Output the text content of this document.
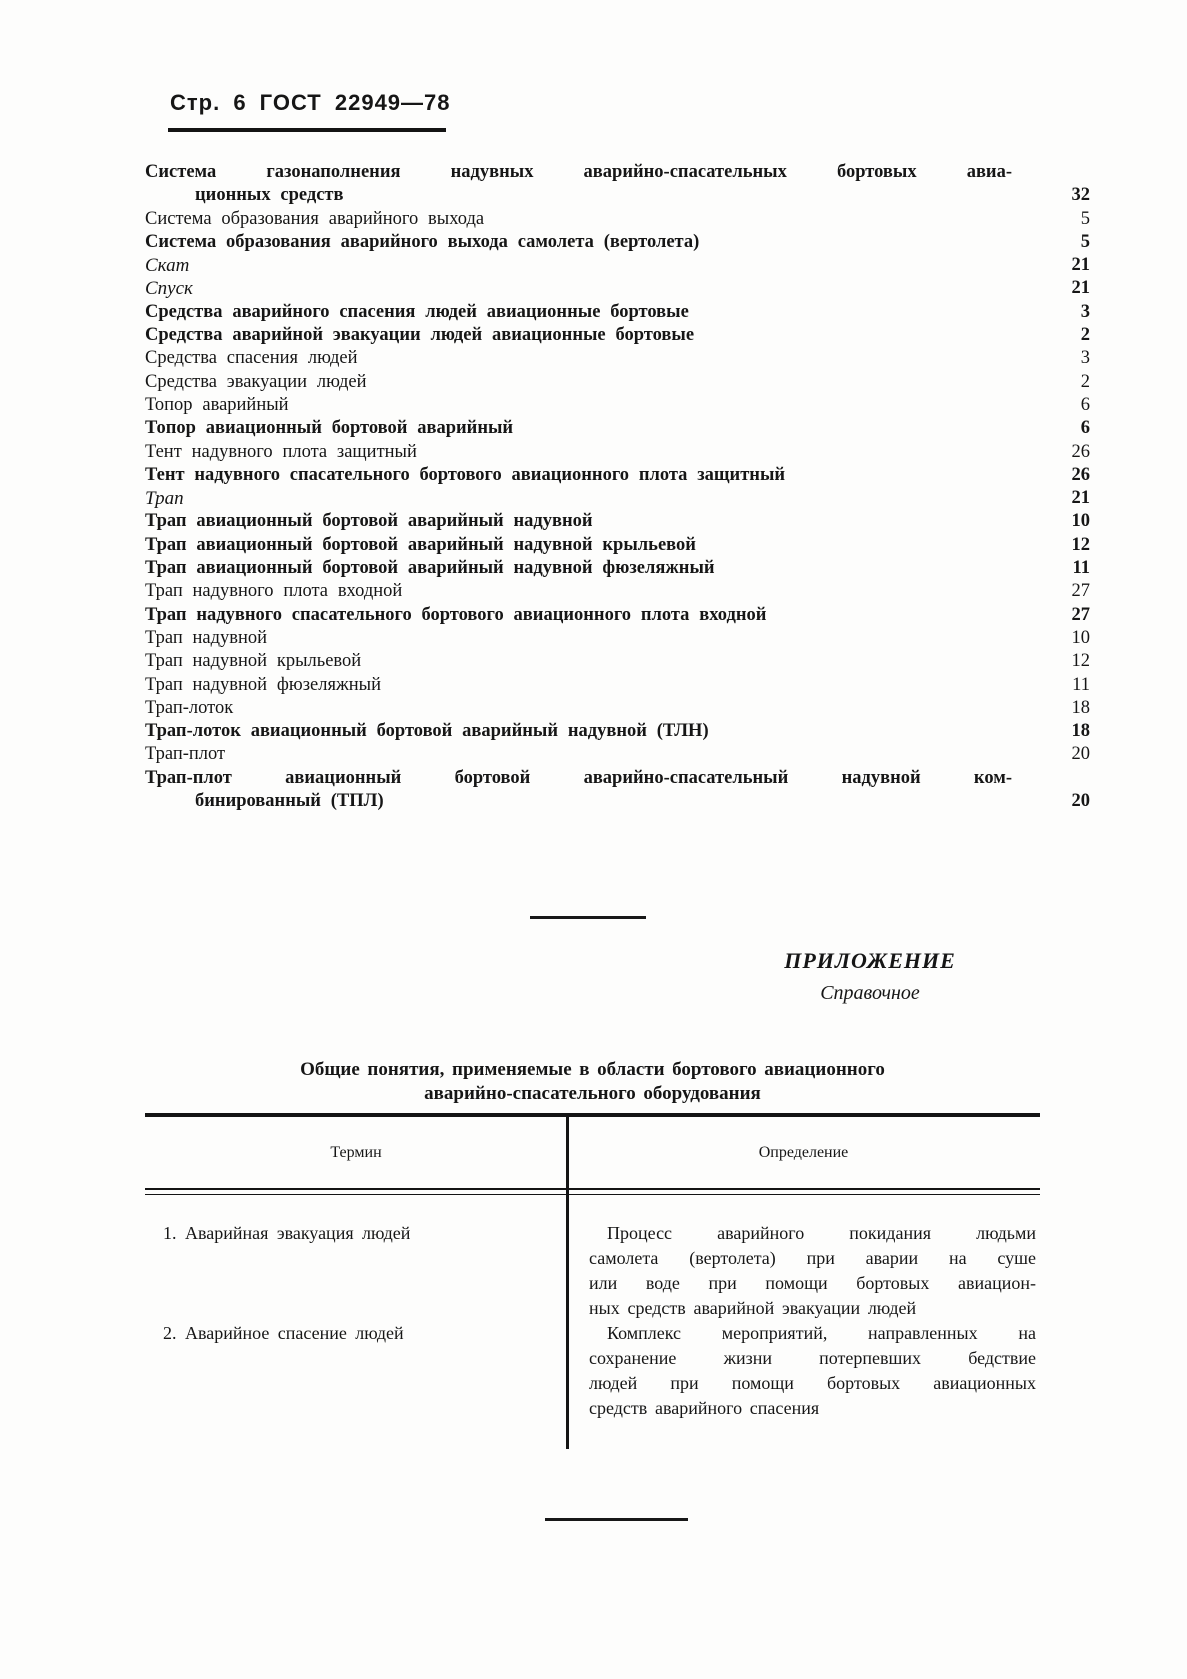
Стр. 6 ГОСТ 22949—78
Система газонаполнения надувных аварийно-спасательных бортовых авиа-
ционных средств	32
Система образования аварийного выхода	5
Система образования аварийного выхода самолета (вертолета)	5
Скат	21
Спуск	21
Средства аварийного спасения людей авиационные бортовые	3
Средства аварийной эвакуации людей авиационные бортовые	2
Средства спасения людей	3
Средства эвакуации людей	2
Топор аварийный	6
Топор авиационный бортовой аварийный	6
Тент надувного плота защитный	26
Тент надувного спасательного бортового авиационного плота защитный	26
Трап	21
Трап авиационный бортовой аварийный надувной	10
Трап авиационный бортовой аварийный надувной крыльевой	12
Трап авиационный бортовой аварийный надувной фюзеляжный	11
Трап надувного плота входной	27
Трап надувного спасательного бортового авиационного плота входной	27
Трап надувной	10
Трап надувной крыльевой	12
Трап надувной фюзеляжный	11
Трап-лоток	18
Трап-лоток авиационный бортовой аварийный надувной (ТЛН)	18
Трап-плот	20
Трап-плот авиационный бортовой аварийно-спасательный надувной ком-
бинированный (ТПЛ)	20
ПРИЛОЖЕНИЕ
Справочное
Общие понятия, применяемые в области бортового авиационного
аварийно-спасательного оборудования
Термин	Определение
1. Аварийная эвакуация людей	Процесс аварийного покидания людьми
самолета (вертолета) при аварии на суше
или воде при помощи бортовых авиацион-
ных средств аварийной эвакуации людей
2. Аварийное спасение людей	Комплекс мероприятий, направленных на
сохранение жизни потерпевших бедствие
людей при помощи бортовых авиационных
средств аварийного спасения
